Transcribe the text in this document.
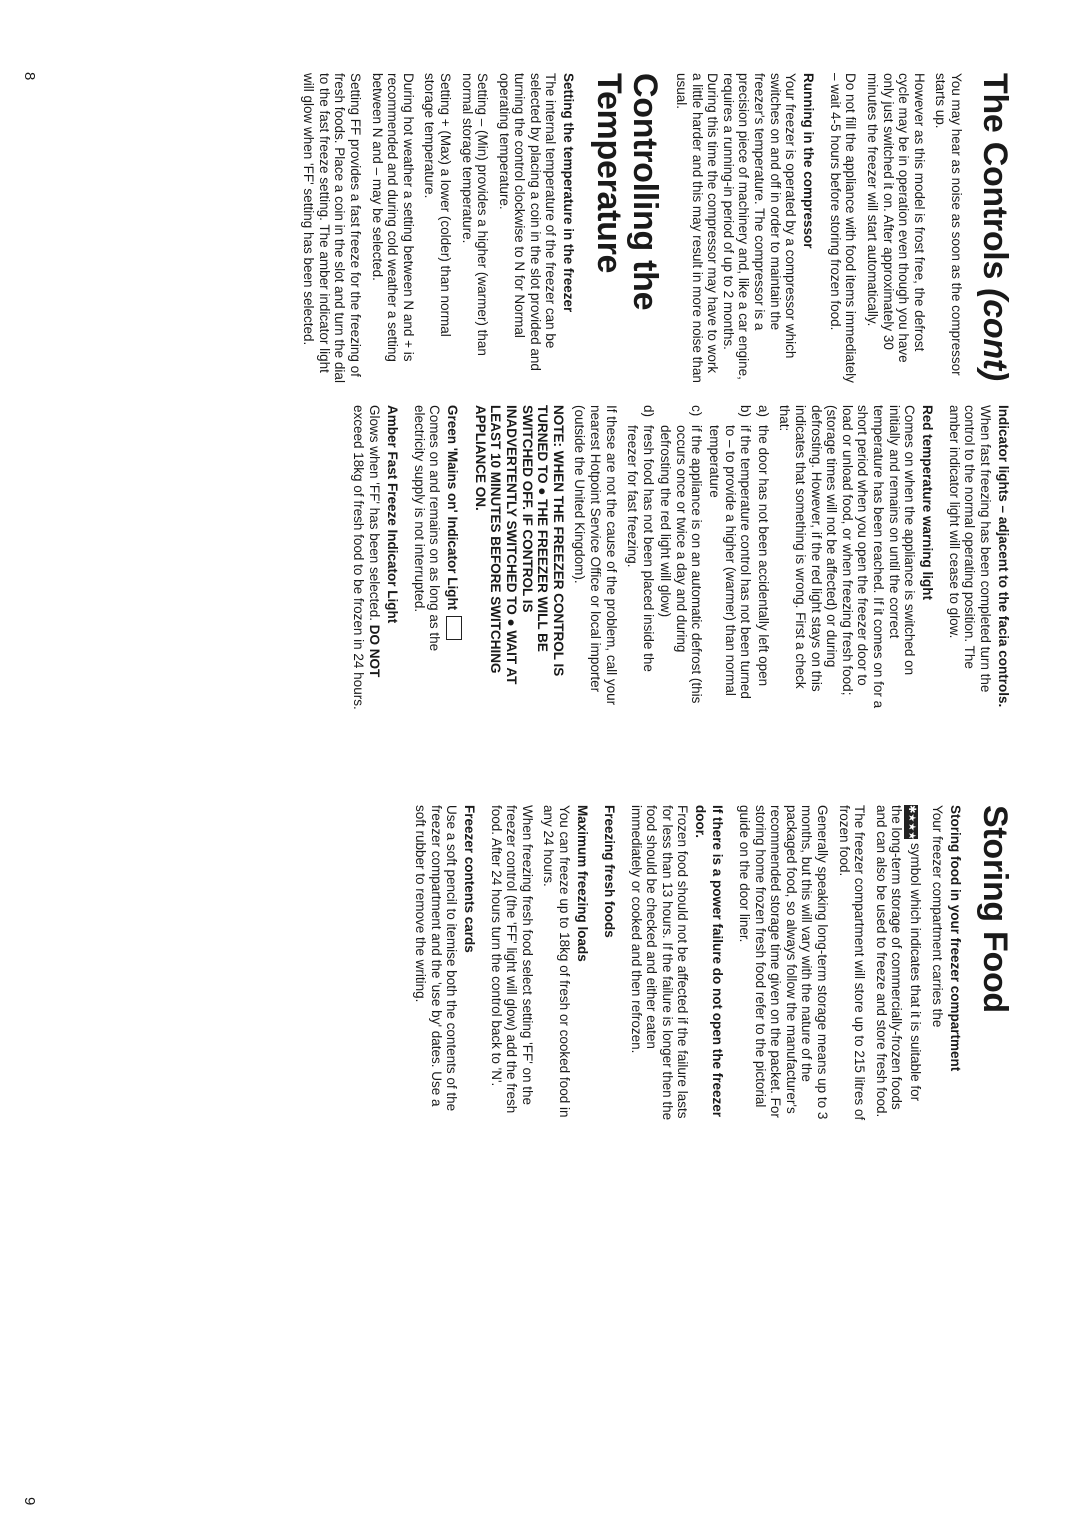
The Controls (cont)

You may hear as noise as soon as the compressor starts up.

However as this model is frost free, the defrost cycle may be in operation even though you have only just switched it on. After approximately 30 minutes the freezer will start automatically.

Do not fill the appliance with food items immediately – wait 4-5 hours before storing frozen food.

Running in the compressor

Your freezer is operated by a compressor which switches on and off in order to maintain the freezer's temperature. The compressor is a precision piece of machinery and, like a car engine, requires a running-in period of up to 2 months. During this time the compressor may have to work a little harder and this may result in more noise than usual.

Controlling the
Temperature
Setting the temperature in the freezer

The internal temperature of the freezer can be selected by placing a coin in the slot provided and turning the control clockwise to N for Normal operating temperature.

Setting – (Min) provides a higher (warmer) than normal storage temperature.

Setting + (Max) a lower (colder) than normal storage temperature.

During hot weather a setting between N and + is recommended and during cold weather a setting between N and – may be selected.

Setting FF provides a fast freeze for the freezing of fresh foods. Place a coin in the slot and turn the dial to the fast freeze setting. The amber indicator light will glow when 'FF' setting has been selected.

Indicator lights – adjacent to the facia controls.

When fast freezing has been completed turn the control to the normal operating position. The amber indicator light will cease to glow.

Red temperature warning light

Comes on when the appliance is switched on initially and remains on until the correct temperature has been reached. If it comes on for a short period when you open the freezer door to load or unload food, or when freezing fresh food; (storage times will not be affected) or during defrosting. However, if the red light stays on this indicates that something is wrong. First a check that:

a)
the door has not been accidentally left open
b)
if the temperature control has not been turned to – to provide a higher (warmer) than normal temperature
c)
if the appliance is on an automatic defrost (this occurs once or twice a day and during defrosting the red light will glow)
d)
fresh food has not been placed inside the freezer for fast freezing.

If these are not the cause of the problem, call your nearest Hotpoint Service Office or local importer (outside the United Kingdom).

NOTE: WHEN THE FREEZER CONTROL IS TURNED TO ● THE FREEZER WILL BE SWITCHED OFF. IF CONTROL IS INADVERTENTLY SWITCHED TO ● WAIT AT LEAST 10 MINUTES BEFORE SWITCHING APPLIANCE ON.

Green 'Mains on' Indicator Light

Comes on and remains on as long as the electricity supply is not interrupted.

Amber Fast Freeze Indicator Light

Glows when 'FF' has been selected. DO NOT exceed 18kg of fresh food to be frozen in 24 hours.

Storing Food
Storing food in your freezer compartment

Your freezer compartment carries the

✱★★★symbol which indicates that it is suitable for the long-term storage of commercially-frozen foods and can also be used to freeze and store fresh food.

The freezer compartment will store up to 215 litres of frozen food.

Generally speaking long-term storage means up to 3 months, but this will vary with the nature of the packaged food, so always follow the manufacturer's recommended storage time given on the packet. For storing home frozen fresh food refer to the pictorial guide on the door liner.

If there is a power failure do not open the freezer door.

Frozen food should not be affected if the failure lasts for less than 13 hours. If the failure is longer then the food should be checked and either eaten immediately or cooked and then refrozen.

Freezing fresh foods
Maximum freezing loads

You can freeze up to 18kg of fresh or cooked food in any 24 hours.

When freezing fresh food select setting 'FF' on the freezer control (the 'FF' light will glow) add the fresh food. After 24 hours turn the control back to 'N'.

Freezer contents cards

Use a soft pencil to itemise both the contents of the freezer compartment and the 'use by' dates. Use a soft rubber to remove the writing.

8
9
